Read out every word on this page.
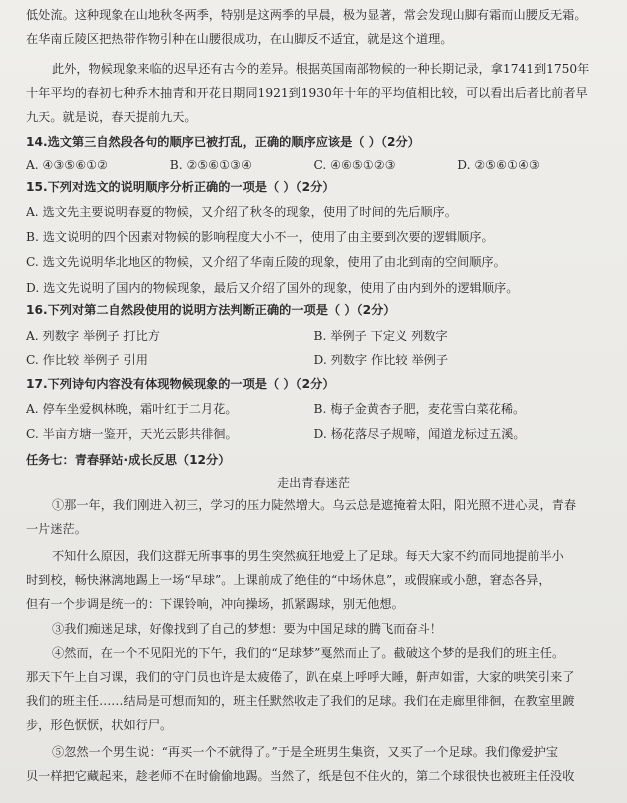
低处流。这种现象在山地秋冬两季，特别是这两季的早晨，极为显著，常会发现山脚有霜而山腰反无霜。
在华南丘陵区把热带作物引种在山腰很成功，在山脚反不适宜，就是这个道理。
此外，物候现象来临的迟早还有古今的差异。根据英国南部物候的一种长期记录，拿1741到1750年
十年平均的春初七种乔木抽青和开花日期同1921到1930年十年的平均值相比较，可以看出后者比前者早
九天。就是说，春天提前九天。
14.选文第三自然段各句的顺序已被打乱，正确的顺序应该是（ ）（2分）
A. ④③⑤⑥①②	B. ②⑤⑥①③④	C. ④⑥⑤①②③	D. ②⑤⑥①④③
15.下列对选文的说明顺序分析正确的一项是（ ）（2分）
A. 选文先主要说明春夏的物候，又介绍了秋冬的现象，使用了时间的先后顺序。
B. 选文说明的四个因素对物候的影响程度大小不一，使用了由主要到次要的逻辑顺序。
C. 选文先说明华北地区的物候，又介绍了华南丘陵的现象，使用了由北到南的空间顺序。
D. 选文先说明了国内的物候现象，最后又介绍了国外的现象，使用了由内到外的逻辑顺序。
16.下列对第二自然段使用的说明方法判断正确的一项是（ ）（2分）
A. 列数字 举例子 打比方	B. 举例子 下定义 列数字
C. 作比较 举例子 引用	D. 列数字 作比较 举例子
17.下列诗句内容没有体现物候现象的一项是（ ）（2分）
A. 停车坐爱枫林晚，霜叶红于二月花。	B. 梅子金黄杏子肥，麦花雪白菜花稀。
C. 半亩方塘一鉴开，天光云影共徘徊。	D. 杨花落尽子规啼，闻道龙标过五溪。
任务七：青春驿站·成长反思（12分）
走出青春迷茫
①那一年，我们刚进入初三，学习的压力陡然增大。乌云总是遮掩着太阳，阳光照不进心灵，青春
一片迷茫。
不知什么原因，我们这群无所事事的男生突然疯狂地爱上了足球。每天大家不约而同地提前半小
时到校，畅快淋漓地踢上一场“早球”。上课前成了绝佳的“中场休息”，或假寐或小憩，窘态各异，
但有一个步调是统一的：下课铃响，冲向操场，抓紧踢球，别无他想。
③我们痴迷足球，好像找到了自己的梦想：要为中国足球的腾飞而奋斗！
④然而，在一个不见阳光的下午，我们的“足球梦”戛然而止了。截破这个梦的是我们的班主任。
那天下午上自习课，我们的守门员也许是太疲倦了，趴在桌上呼呼大睡，鼾声如雷，大家的哄笑引来了
我们的班主任……结局是可想而知的，班主任默然收走了我们的足球。我们在走廊里徘徊，在教室里踱
步，形色恹恹，状如行尸。
⑤忽然一个男生说：“再买一个不就得了。”于是全班男生集资，又买了一个足球。我们像爱护宝
贝一样把它藏起来，趁老师不在时偷偷地踢。当然了，纸是包不住火的，第二个球很快也被班主任没收
